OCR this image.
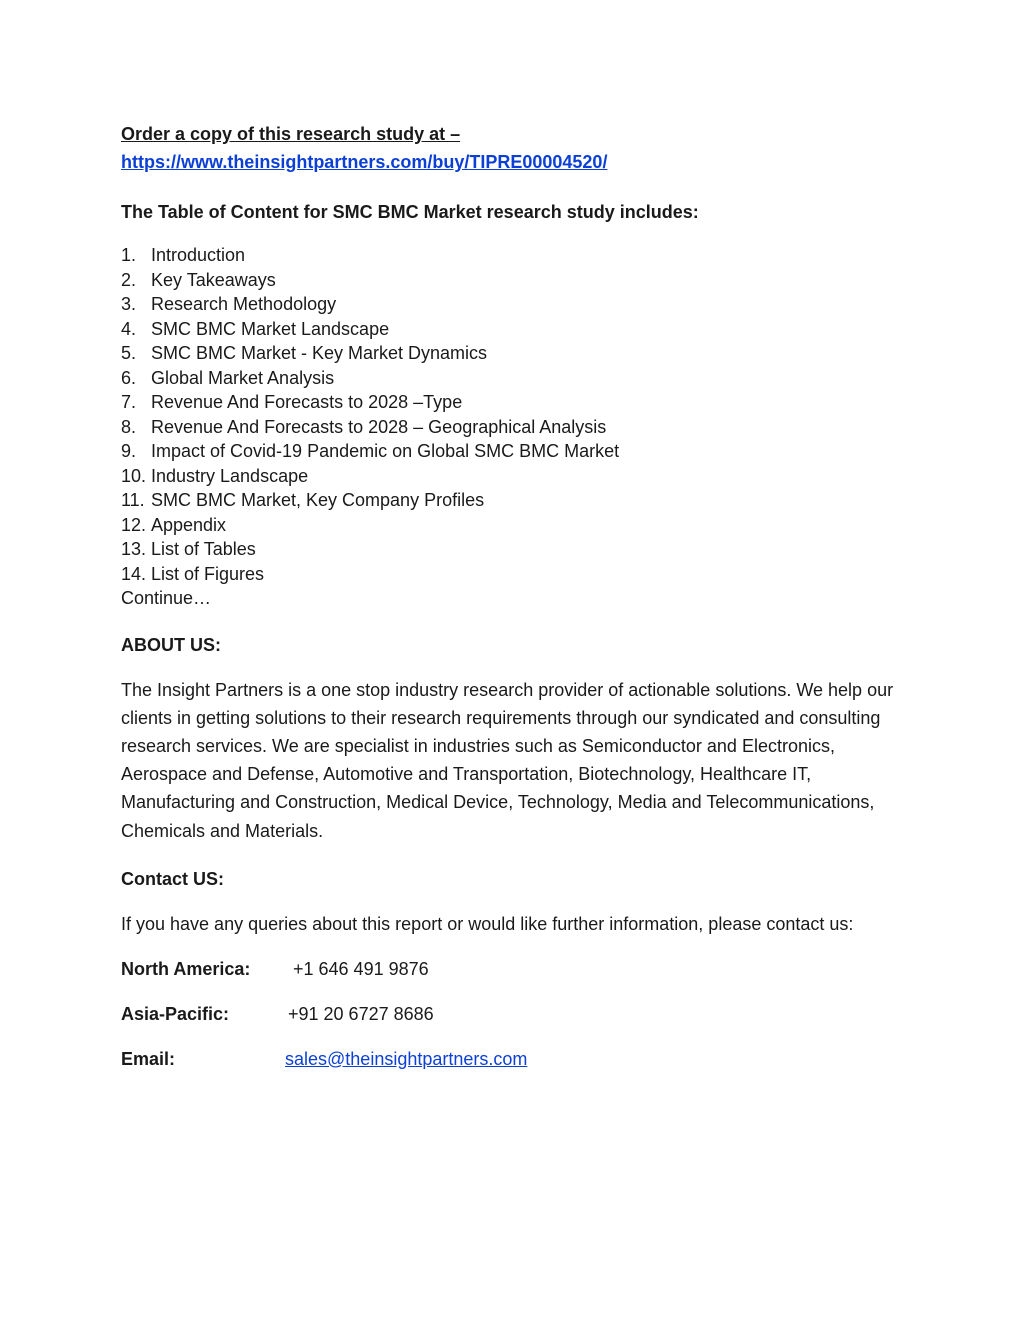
Order a copy of this research study at –

https://www.theinsightpartners.com/buy/TIPRE00004520/

The Table of Content for SMC BMC Market research study includes:

1. Introduction
2. Key Takeaways
3. Research Methodology
4. SMC BMC Market Landscape
5. SMC BMC Market - Key Market Dynamics
6. Global Market Analysis
7. Revenue And Forecasts to 2028 –Type
8. Revenue And Forecasts to 2028 – Geographical Analysis
9. Impact of Covid-19 Pandemic on Global SMC BMC Market
10. Industry Landscape
11. SMC BMC Market, Key Company Profiles
12. Appendix
13. List of Tables
14. List of Figures

Continue…

ABOUT US:

The Insight Partners is a one stop industry research provider of actionable solutions. We help our clients in getting solutions to their research requirements through our syndicated and consulting research services. We are specialist in industries such as Semiconductor and Electronics, Aerospace and Defense, Automotive and Transportation, Biotechnology, Healthcare IT, Manufacturing and Construction, Medical Device, Technology, Media and Telecommunications, Chemicals and Materials.

Contact US:

If you have any queries about this report or would like further information, please contact us:

North America:	+1 646 491 9876
Asia-Pacific:	+91 20 6727 8686
Email:	sales@theinsightpartners.com
